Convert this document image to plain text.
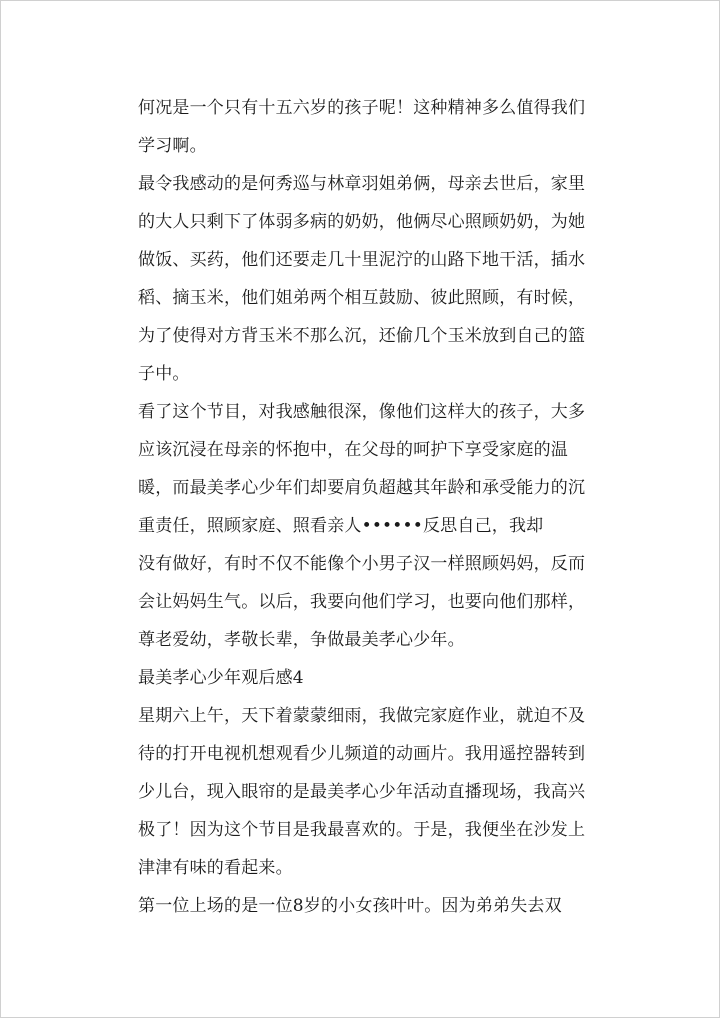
何况是一个只有十五六岁的孩子呢！这种精神多么值得我们
学习啊。
最令我感动的是何秀巡与林章羽姐弟俩，母亲去世后，家里
的大人只剩下了体弱多病的奶奶，他俩尽心照顾奶奶，为她
做饭、买药，他们还要走几十里泥泞的山路下地干活，插水
稻、摘玉米，他们姐弟两个相互鼓励、彼此照顾，有时候，
为了使得对方背玉米不那么沉，还偷几个玉米放到自己的篮
子中。
看了这个节目，对我感触很深，像他们这样大的孩子，大多
应该沉浸在母亲的怀抱中，在父母的呵护下享受家庭的温
暖，而最美孝心少年们却要肩负超越其年龄和承受能力的沉
重责任，照顾家庭、照看亲人••••••反思自己，我却
没有做好，有时不仅不能像个小男子汉一样照顾妈妈，反而
会让妈妈生气。以后，我要向他们学习，也要向他们那样，
尊老爱幼，孝敬长辈，争做最美孝心少年。
最美孝心少年观后感4
星期六上午，天下着蒙蒙细雨，我做完家庭作业，就迫不及
待的打开电视机想观看少儿频道的动画片。我用遥控器转到
少儿台，现入眼帘的是最美孝心少年活动直播现场，我高兴
极了！因为这个节目是我最喜欢的。于是，我便坐在沙发上
津津有味的看起来。
第一位上场的是一位8岁的小女孩叶叶。因为弟弟失去双
